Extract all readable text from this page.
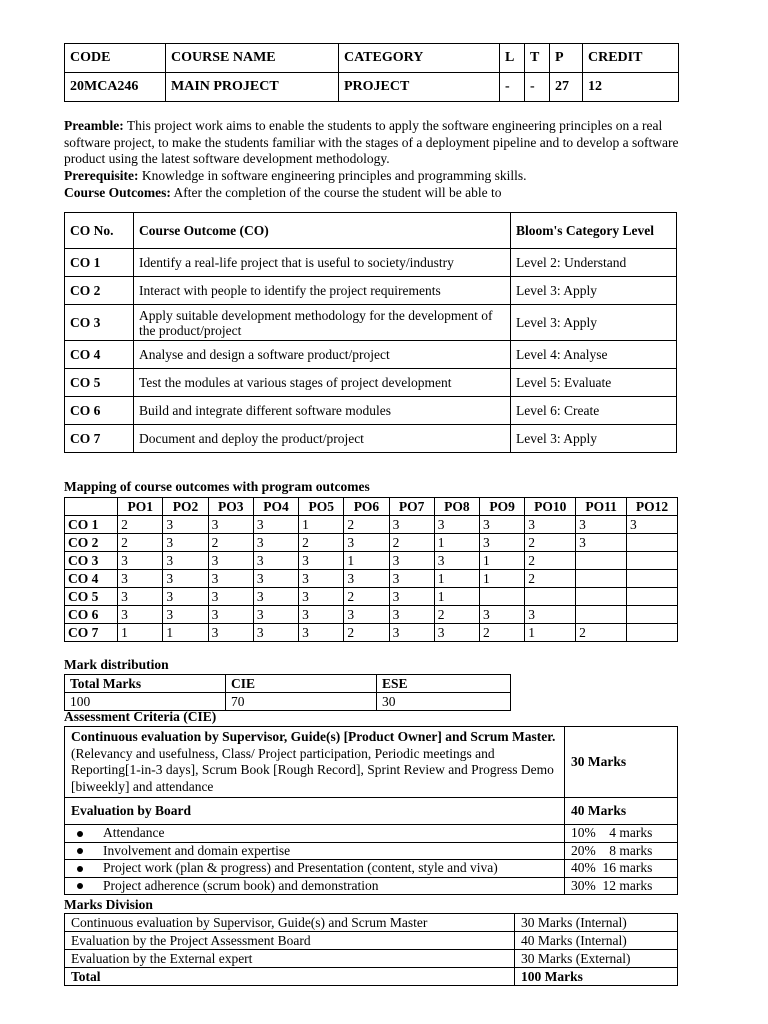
CODE	COURSE NAME	CATEGORY	L	T	P	CREDIT
20MCA246	MAIN PROJECT	PROJECT	-	-	27	12
Preamble: This project work aims to enable the students to apply the software engineering principles on a real software project, to make the students familiar with the stages of a deployment pipeline and to develop a software product using the latest software development methodology.
Prerequisite: Knowledge in software engineering principles and programming skills.
Course Outcomes: After the completion of the course the student will be able to
CO No.	Course Outcome (CO)	Bloom's Category Level
CO 1	Identify a real-life project that is useful to society/industry	Level 2: Understand
CO 2	Interact with people to identify the project requirements	Level 3: Apply
CO 3	Apply suitable development methodology for the development of the product/project	Level 3: Apply
CO 4	Analyse and design a software product/project	Level 4: Analyse
CO 5	Test the modules at various stages of project development	Level 5: Evaluate
CO 6	Build and integrate different software modules	Level 6: Create
CO 7	Document and deploy the product/project	Level 3: Apply
Mapping of course outcomes with program outcomes
	PO1	PO2	PO3	PO4	PO5	PO6	PO7	PO8	PO9	PO10	PO11	PO12
CO 1	2	3	3	3	1	2	3	3	3	3	3	3
CO 2	2	3	2	3	2	3	2	1	3	2	3	
CO 3	3	3	3	3	3	1	3	3	1	2		
CO 4	3	3	3	3	3	3	3	1	1	2		
CO 5	3	3	3	3	3	2	3	1				
CO 6	3	3	3	3	3	3	3	2	3	3		
CO 7	1	1	3	3	3	2	3	3	2	1	2	
Mark distribution
Total Marks	CIE	ESE
100	70	30
Assessment Criteria (CIE)
Continuous evaluation by Supervisor, Guide(s) [Product Owner] and Scrum Master. (Relevancy and usefulness, Class/ Project participation, Periodic meetings and Reporting[1-in-3 days], Scrum Book [Rough Record], Sprint Review and Progress Demo [biweekly] and attendance	30 Marks
Evaluation by Board	40 Marks
Attendance	10% 4 marks
Involvement and domain expertise	20% 8 marks
Project work (plan & progress) and Presentation (content, style and viva)	40% 16 marks
Project adherence (scrum book) and demonstration	30% 12 marks
Marks Division
Continuous evaluation by Supervisor, Guide(s) and Scrum Master	30 Marks (Internal)
Evaluation by the Project Assessment Board	40 Marks (Internal)
Evaluation by the External expert	30 Marks (External)
Total	100 Marks
